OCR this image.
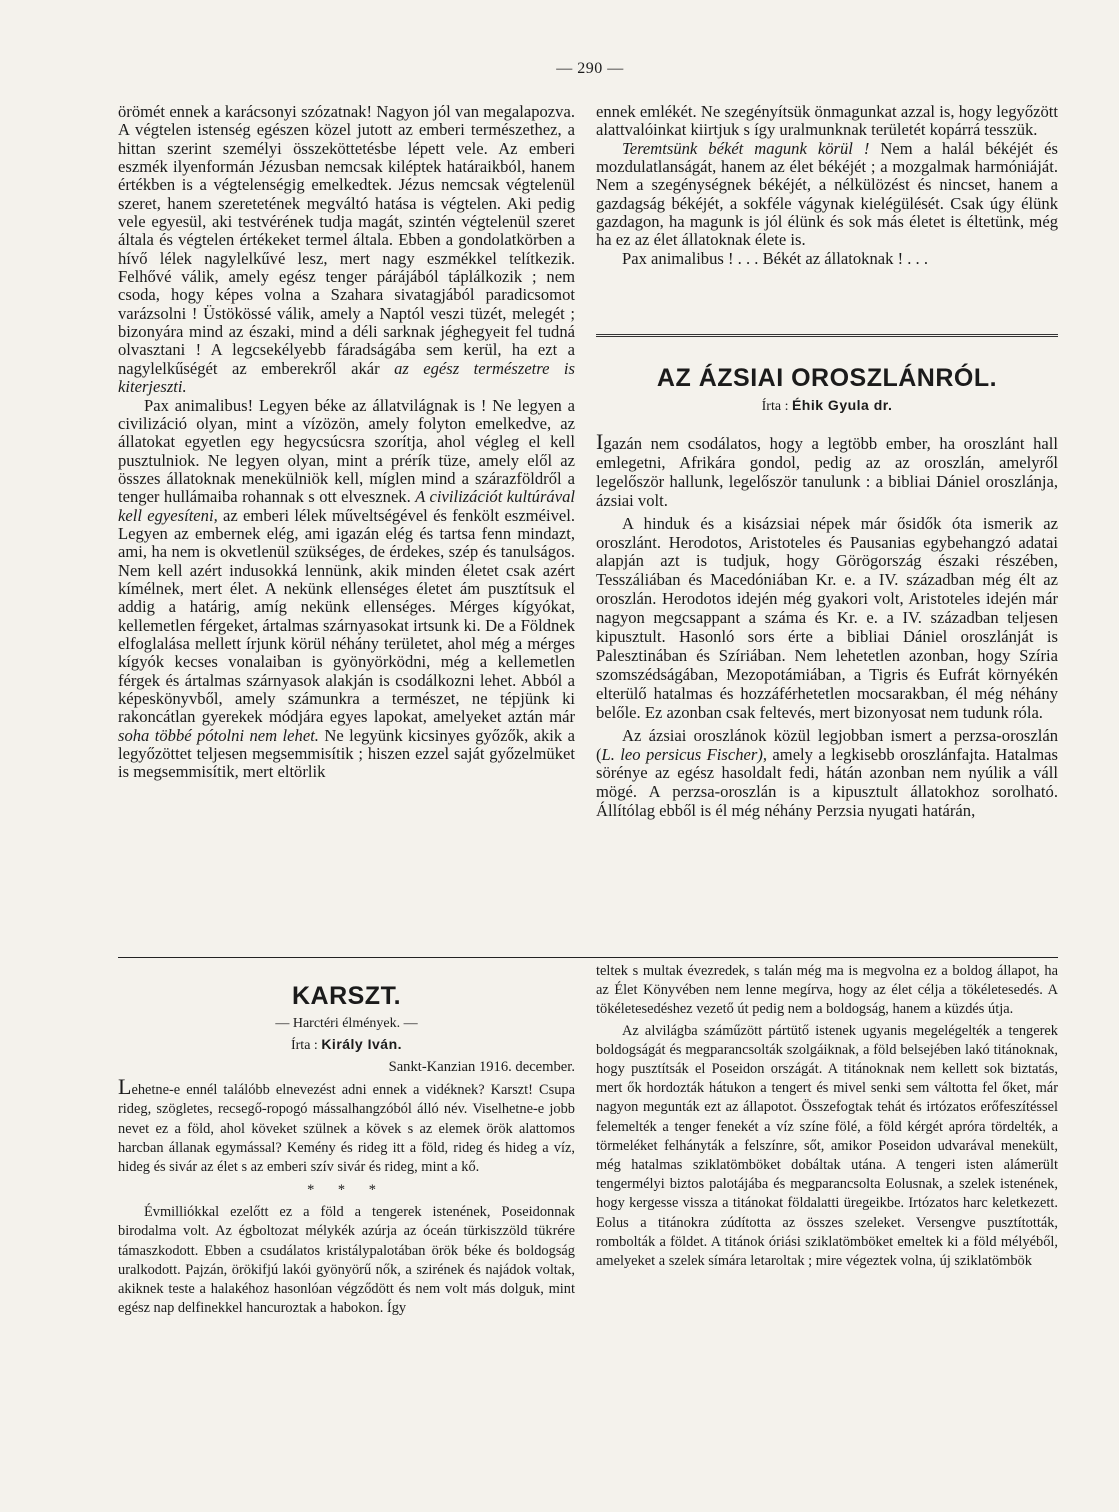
— 290 —

örömét ennek a karácsonyi szózatnak! Nagyon jól van megalapozva. A végtelen istenség egészen közel jutott az emberi természethez, a hittan szerint személyi összeköttetésbe lépett vele. Az emberi eszmék ilyenformán Jézusban nemcsak kiléptek határaikból, hanem értékben is a végtelenségig emelkedtek. Jézus nemcsak végtelenül szeret, hanem szeretetének megváltó hatása is végtelen. Aki pedig vele egyesül, aki testvérének tudja magát, szintén végtelenül szeret általa és végtelen értékeket termel általa. Ebben a gondolatkörben a hívő lélek nagylelkűvé lesz, mert nagy eszmékkel telítkezik. Felhővé válik, amely egész tenger párájából táplálkozik ; nem csoda, hogy képes volna a Szahara sivatagjából paradicsomot varázsolni ! Üstökössé válik, amely a Naptól veszi tüzét, melegét ; bizonyára mind az északi, mind a déli sarknak jéghegyeit fel tudná olvasztani ! A legcsekélyebb fáradságába sem kerül, ha ezt a nagylelkűségét az emberekről akár az egész természetre is kiterjeszti.

Pax animalibus! Legyen béke az állatvilágnak is ! Ne legyen a civilizáció olyan, mint a vízözön, amely folyton emelkedve, az állatokat egyetlen egy hegycsúcsra szorítja, ahol végleg el kell pusztulniok. Ne legyen olyan, mint a prérík tüze, amely elől az összes állatoknak menekülniök kell, míglen mind a szárazföldről a tenger hullámaiba rohannak s ott elvesznek. A civilizációt kultúrával kell egyesíteni, az emberi lélek műveltségével és fenkölt eszméivel. Legyen az embernek elég, ami igazán elég és tartsa fenn mindazt, ami, ha nem is okvetlenül szükséges, de érdekes, szép és tanulságos. Nem kell azért indusokká lennünk, akik minden életet csak azért kímélnek, mert élet. A nekünk ellenséges életet ám pusztítsuk el addig a határig, amíg nekünk ellenséges. Mérges kígyókat, kellemetlen férgeket, ártalmas szárnyasokat irtsunk ki. De a Földnek elfoglalása mellett írjunk körül néhány területet, ahol még a mérges kígyók kecses vonalaiban is gyönyörködni, még a kellemetlen férgek és ártalmas szárnyasok alakján is csodálkozni lehet. Abból a képeskönyvből, amely számunkra a természet, ne tépjünk ki rakoncátlan gyerekek módjára egyes lapokat, amelyeket aztán már soha többé pótolni nem lehet. Ne legyünk kicsinyes győzők, akik a legyőzöttet teljesen megsemmisítik ; hiszen ezzel saját győzelmüket is megsemmisítik, mert eltörlik

ennek emlékét. Ne szegényítsük önmagunkat azzal is, hogy legyőzött alattvalóinkat kiirtjuk s így uralmunknak területét kopárrá tesszük.

Teremtsünk békét magunk körül ! Nem a halál békéjét és mozdulatlanságát, hanem az élet békéjét ; a mozgalmak harmóniáját. Nem a szegénységnek békéjét, a nélkülözést és nincset, hanem a gazdagság békéjét, a sokféle vágynak kielégülését. Csak úgy élünk gazdagon, ha magunk is jól élünk és sok más életet is éltetünk, még ha ez az élet állatoknak élete is.

Pax animalibus ! . . . Békét az állatoknak ! . . .

AZ ÁZSIAI OROSZLÁNRÓL.
Írta : Éhik Gyula dr.

Igazán nem csodálatos, hogy a legtöbb ember, ha oroszlánt hall emlegetni, Afrikára gondol, pedig az az oroszlán, amelyről legelőször hallunk, legelőször tanulunk : a bibliai Dániel oroszlánja, ázsiai volt.

A hinduk és a kisázsiai népek már ősidők óta ismerik az oroszlánt. Herodotos, Aristoteles és Pausanias egybehangzó adatai alapján azt is tudjuk, hogy Görögország északi részében, Tesszáliában és Macedóniában Kr. e. a IV. században még élt az oroszlán. Herodotos idején még gyakori volt, Aristoteles idején már nagyon megcsappant a száma és Kr. e. a IV. században teljesen kipusztult. Hasonló sors érte a bibliai Dániel oroszlánját is Palesztinában és Szíriában. Nem lehetetlen azonban, hogy Szíria szomszédságában, Mezopotámiában, a Tigris és Eufrát környékén elterülő hatalmas és hozzáférhetetlen mocsarakban, él még néhány belőle. Ez azonban csak feltevés, mert bizonyosat nem tudunk róla.

Az ázsiai oroszlánok közül legjobban ismert a perzsa-oroszlán (L. leo persicus Fischer), amely a legkisebb oroszlánfajta. Hatalmas sörénye az egész hasoldalt fedi, hátán azonban nem nyúlik a váll mögé. A perzsa-oroszlán is a kipusztult állatokhoz sorolható. Állítólag ebből is él még néhány Perzsia nyugati határán,

KARSZT.
— Harctéri élmények. —
Írta : Király Iván.
Sankt-Kanzian 1916. december.

Lehetne-e ennél találóbb elnevezést adni ennek a vidéknek? Karszt! Csupa rideg, szögletes, recsegő-ropogó mássalhangzóból álló név. Viselhetne-e jobb nevet ez a föld, ahol köveket szülnek a kövek s az elemek örök alattomos harcban állanak egymással? Kemény és rideg itt a föld, rideg és hideg a víz, hideg és sivár az élet s az emberi szív sivár és rideg, mint a kő.

* * *

Évmilliókkal ezelőtt ez a föld a tengerek istenének, Poseidonnak birodalma volt. Az égboltozat mélykék azúrja az óceán türkiszzöld tükrére támaszkodott. Ebben a csudálatos kristálypalotában örök béke és boldogság uralkodott. Pajzán, örökifjú lakói gyönyörű nők, a szirének és najádok voltak, akiknek teste a halakéhoz hasonlóan végződött és nem volt más dolguk, mint egész nap delfinekkel hancuroztak a habokon. Így

teltek s multak évezredek, s talán még ma is megvolna ez a boldog állapot, ha az Élet Könyvében nem lenne megírva, hogy az élet célja a tökéletesedés. A tökéletesedéshez vezető út pedig nem a boldogság, hanem a küzdés útja.

Az alvilágba száműzött pártütő istenek ugyanis megelégelték a tengerek boldogságát és megparancsolták szolgáiknak, a föld belsejében lakó titánoknak, hogy pusztítsák el Poseidon országát. A titánoknak nem kellett sok biztatás, mert ők hordozták hátukon a tengert és mivel senki sem váltotta fel őket, már nagyon megunták ezt az állapotot. Összefogtak tehát és irtózatos erőfeszítéssel felemelték a tenger fenekét a víz színe fölé, a föld kérgét apróra tördelték, a törmeléket felhányták a felszínre, sőt, amikor Poseidon udvarával menekült, még hatalmas sziklatömböket dobáltak utána. A tengeri isten alámerült tengermélyi biztos palotájába és megparancsolta Eolusnak, a szelek istenének, hogy kergesse vissza a titánokat földalatti üregeikbe. Irtózatos harc keletkezett. Eolus a titánokra zúdította az összes szeleket. Versengve pusztították, rombolták a földet. A titánok óriási sziklatömböket emeltek ki a föld mélyéből, amelyeket a szelek símára letaroltak ; mire végeztek volna, új sziklatömbök
